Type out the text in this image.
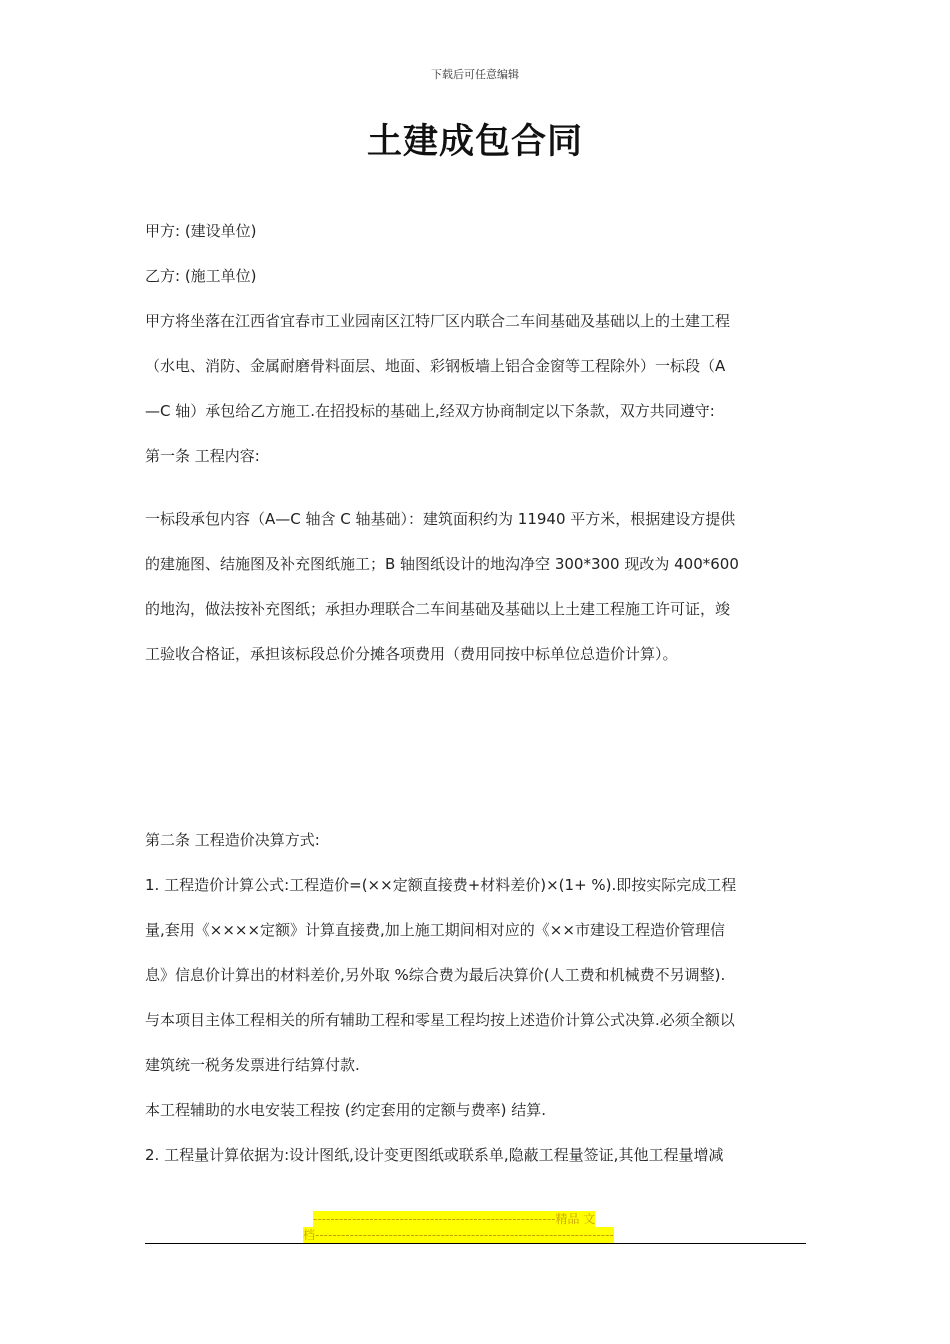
下载后可任意编辑
土建成包合同
甲方: (建设单位)
乙方: (施工单位)
甲方将坐落在江西省宜春市工业园南区江特厂区内联合二车间基础及基础以上的土建工程
（水电、消防、金属耐磨骨料面层、地面、彩钢板墙上铝合金窗等工程除外）一标段（A
—C 轴）承包给乙方施工.在招投标的基础上,经双方协商制定以下条款，双方共同遵守:
第一条 工程内容:
一标段承包内容（A—C 轴含 C 轴基础）：建筑面积约为 11940 平方米，根据建设方提供
的建施图、结施图及补充图纸施工；B 轴图纸设计的地沟净空 300*300 现改为 400*600
的地沟，做法按补充图纸；承担办理联合二车间基础及基础以上土建工程施工许可证，竣
工验收合格证，承担该标段总价分摊各项费用（费用同按中标单位总造价计算）。
第二条 工程造价决算方式:
1. 工程造价计算公式:工程造价=(××定额直接费+材料差价)×(1+ %).即按实际完成工程
量,套用《××××定额》计算直接费,加上施工期间相对应的《××市建设工程造价管理信
息》信息价计算出的材料差价,另外取 %综合费为最后决算价(人工费和机械费不另调整).
与本项目主体工程相关的所有辅助工程和零星工程均按上述造价计算公式决算.必须全额以
建筑统一税务发票进行结算付款.
本工程辅助的水电安装工程按 (约定套用的定额与费率) 结算.
2. 工程量计算依据为:设计图纸,设计变更图纸或联系单,隐蔽工程量签证,其他工程量增减
--------------------------------------------------------精品 文
档---------------------------------------------------------------------
